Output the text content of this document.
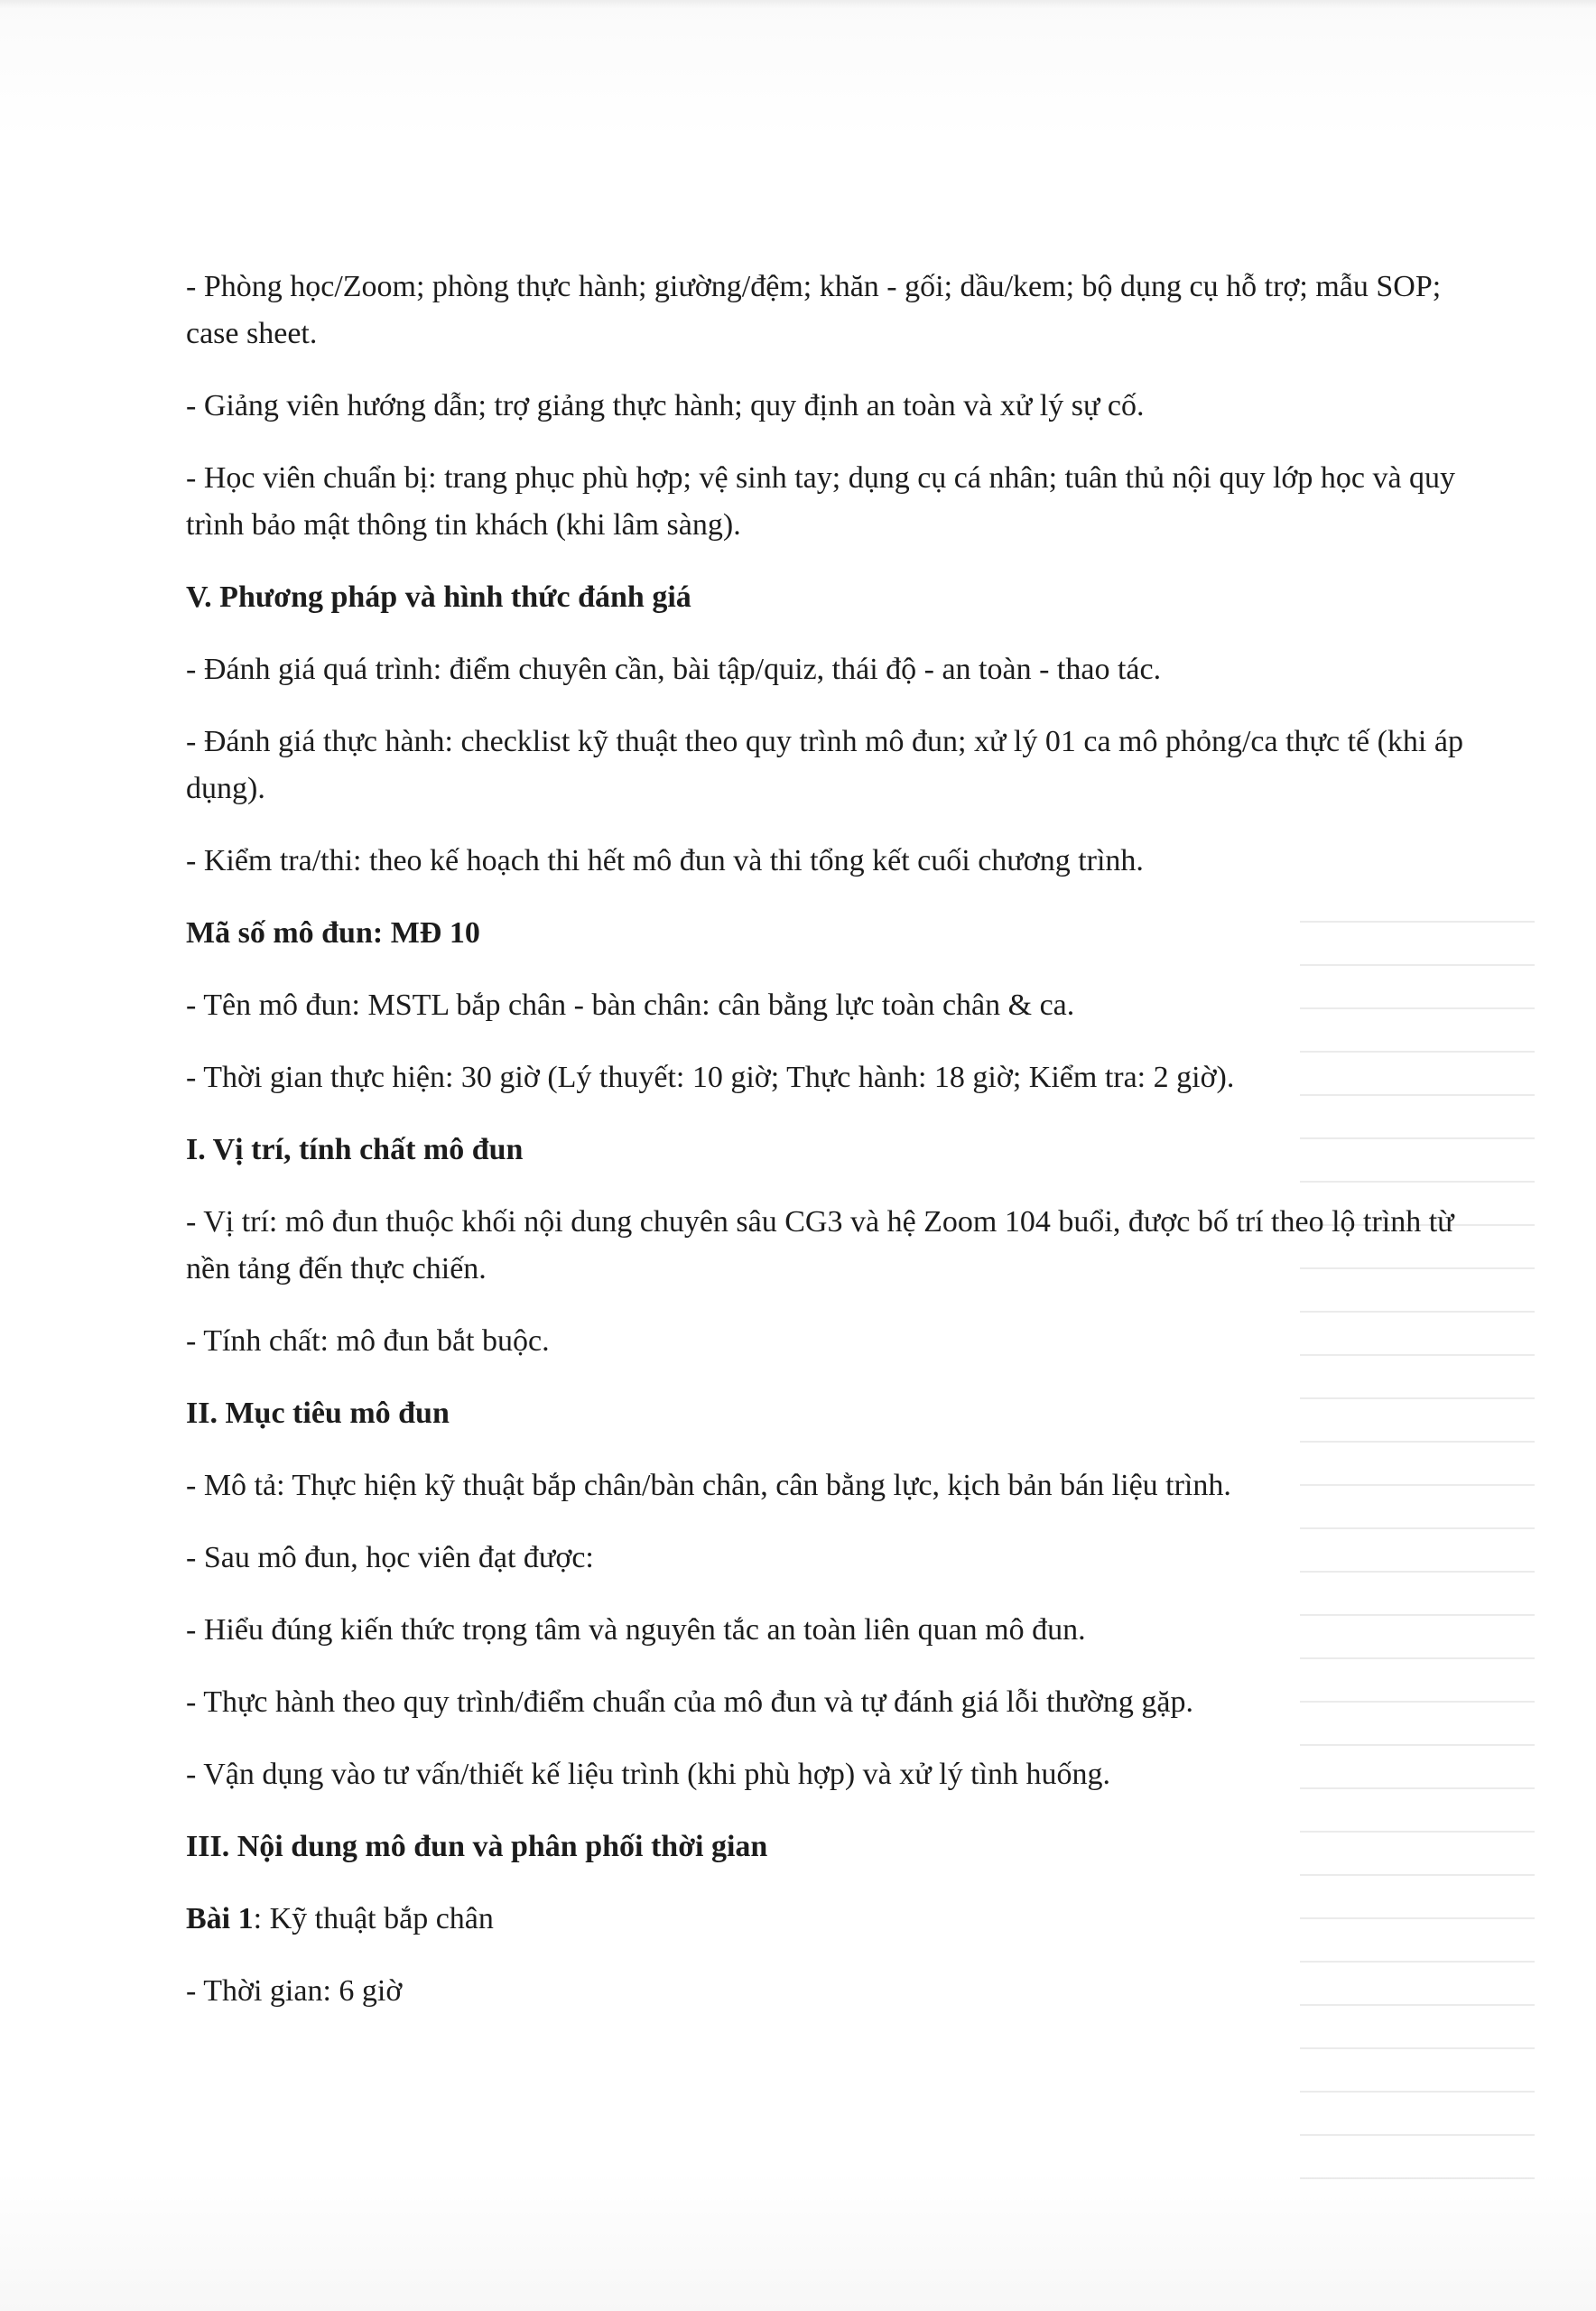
- Phòng học/Zoom; phòng thực hành; giường/đệm; khăn - gối; dầu/kem; bộ dụng cụ hỗ trợ; mẫu SOP; case sheet.

- Giảng viên hướng dẫn; trợ giảng thực hành; quy định an toàn và xử lý sự cố.

- Học viên chuẩn bị: trang phục phù hợp; vệ sinh tay; dụng cụ cá nhân; tuân thủ nội quy lớp học và quy trình bảo mật thông tin khách (khi lâm sàng).

V. Phương pháp và hình thức đánh giá

- Đánh giá quá trình: điểm chuyên cần, bài tập/quiz, thái độ - an toàn - thao tác.

- Đánh giá thực hành: checklist kỹ thuật theo quy trình mô đun; xử lý 01 ca mô phỏng/ca thực tế (khi áp dụng).

- Kiểm tra/thi: theo kế hoạch thi hết mô đun và thi tổng kết cuối chương trình.

Mã số mô đun: MĐ 10

- Tên mô đun: MSTL bắp chân - bàn chân: cân bằng lực toàn chân & ca.

- Thời gian thực hiện: 30 giờ (Lý thuyết: 10 giờ; Thực hành: 18 giờ; Kiểm tra: 2 giờ).

I. Vị trí, tính chất mô đun

- Vị trí: mô đun thuộc khối nội dung chuyên sâu CG3 và hệ Zoom 104 buổi, được bố trí theo lộ trình từ nền tảng đến thực chiến.

- Tính chất: mô đun bắt buộc.

II. Mục tiêu mô đun

- Mô tả: Thực hiện kỹ thuật bắp chân/bàn chân, cân bằng lực, kịch bản bán liệu trình.

- Sau mô đun, học viên đạt được:

- Hiểu đúng kiến thức trọng tâm và nguyên tắc an toàn liên quan mô đun.

- Thực hành theo quy trình/điểm chuẩn của mô đun và tự đánh giá lỗi thường gặp.

- Vận dụng vào tư vấn/thiết kế liệu trình (khi phù hợp) và xử lý tình huống.

III. Nội dung mô đun và phân phối thời gian

Bài 1: Kỹ thuật bắp chân

- Thời gian: 6 giờ
